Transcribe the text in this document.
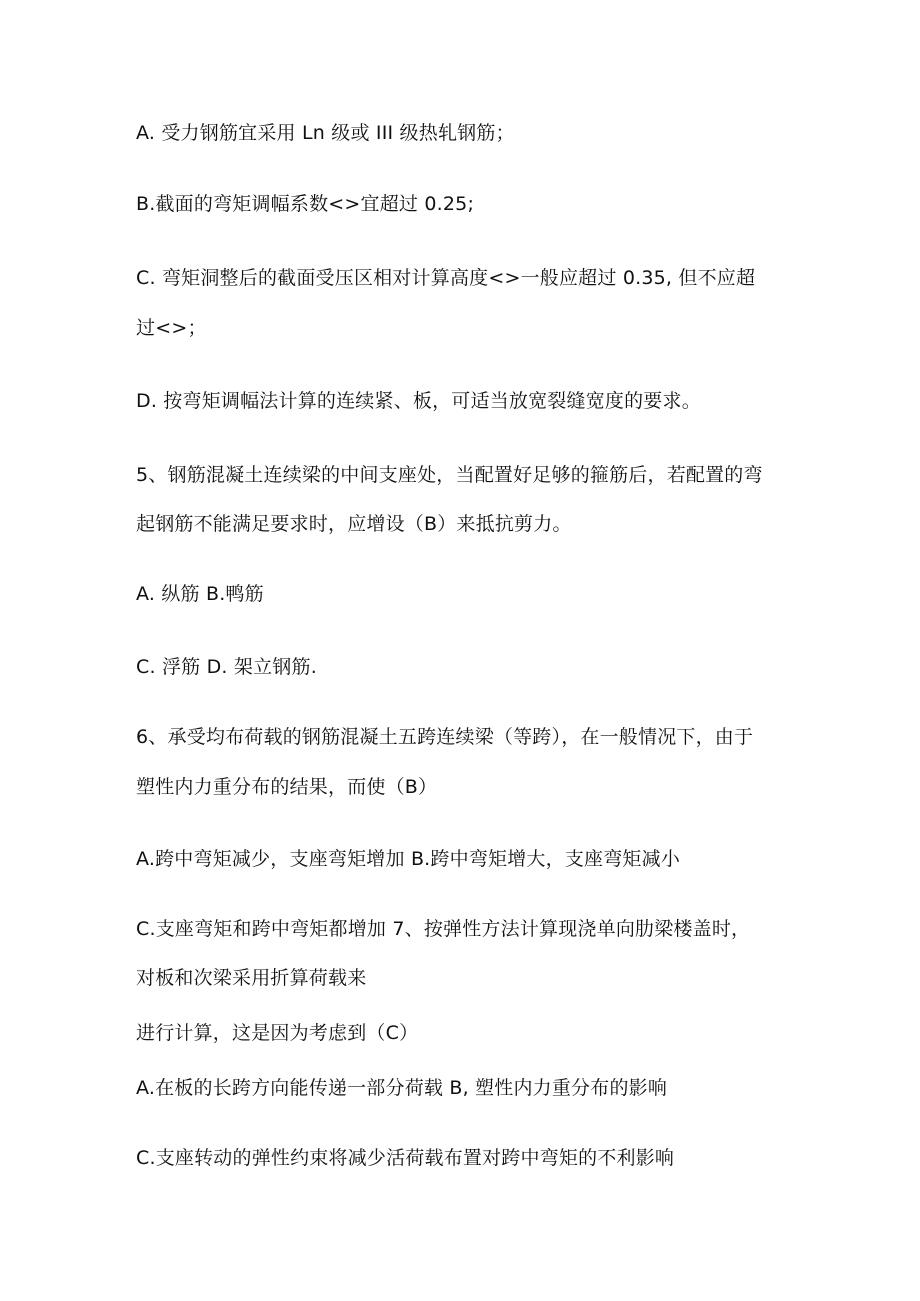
A. 受力钢筋宜采用 Ln 级或 III 级热轧钢筋；

B.截面的弯矩调幅系数<>宜超过 0.25;

C. 弯矩洞整后的截面受压区相对计算高度<>一般应超过 0.35, 但不应超

过<>；

D. 按弯矩调幅法计算的连续紧、板，可适当放宽裂缝宽度的要求。

5、钢筋混凝土连续梁的中间支座处，当配置好足够的箍筋后，若配置的弯

起钢筋不能满足要求时，应增设（B）来抵抗剪力。

A. 纵筋 B.鸭筋

C. 浮筋 D. 架立钢筋.

6、承受均布荷载的钢筋混凝土五跨连续梁（等跨），在一般情况下，由于

塑性内力重分布的结果，而使（B）

A.跨中弯矩减少，支座弯矩增加 B.跨中弯矩增大，支座弯矩减小

C.支座弯矩和跨中弯矩都增加 7、按弹性方法计算现浇单向肋梁楼盖时，

对板和次梁采用折算荷载来

进行计算，这是因为考虑到（C）

A.在板的长跨方向能传递一部分荷载 B, 塑性内力重分布的影响

C.支座转动的弹性约束将减少活荷载布置对跨中弯矩的不利影响
